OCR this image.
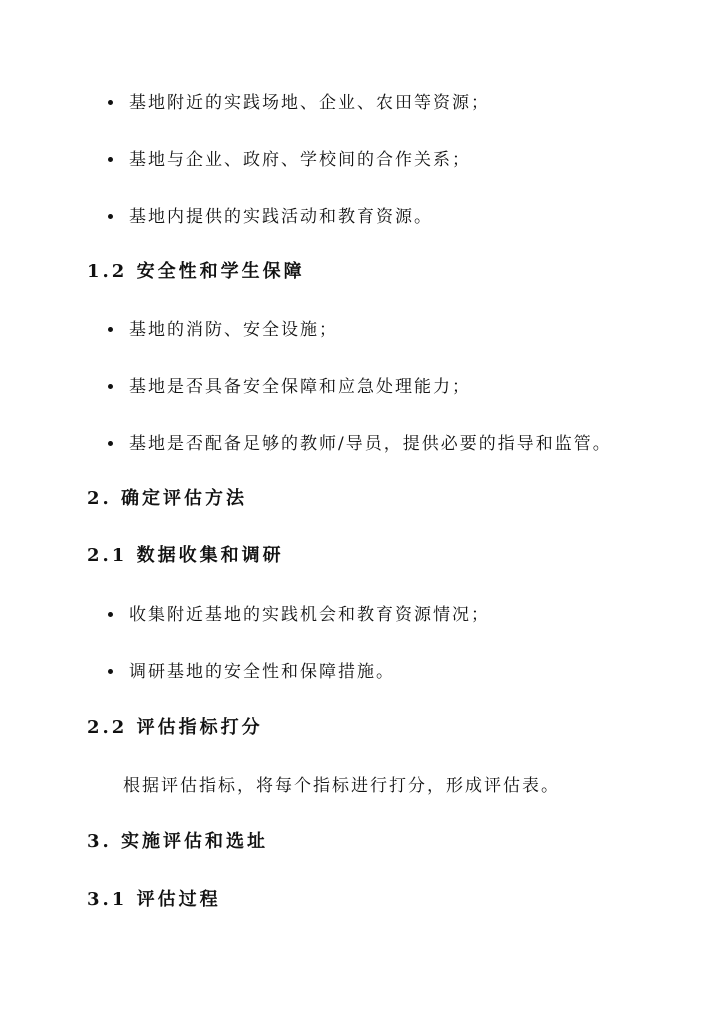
基地附近的实践场地、企业、农田等资源；
基地与企业、政府、学校间的合作关系；
基地内提供的实践活动和教育资源。
1.2 安全性和学生保障
基地的消防、安全设施；
基地是否具备安全保障和应急处理能力；
基地是否配备足够的教师/导员，提供必要的指导和监管。
2. 确定评估方法
2.1 数据收集和调研
收集附近基地的实践机会和教育资源情况；
调研基地的安全性和保障措施。
2.2 评估指标打分
根据评估指标，将每个指标进行打分，形成评估表。
3. 实施评估和选址
3.1 评估过程
